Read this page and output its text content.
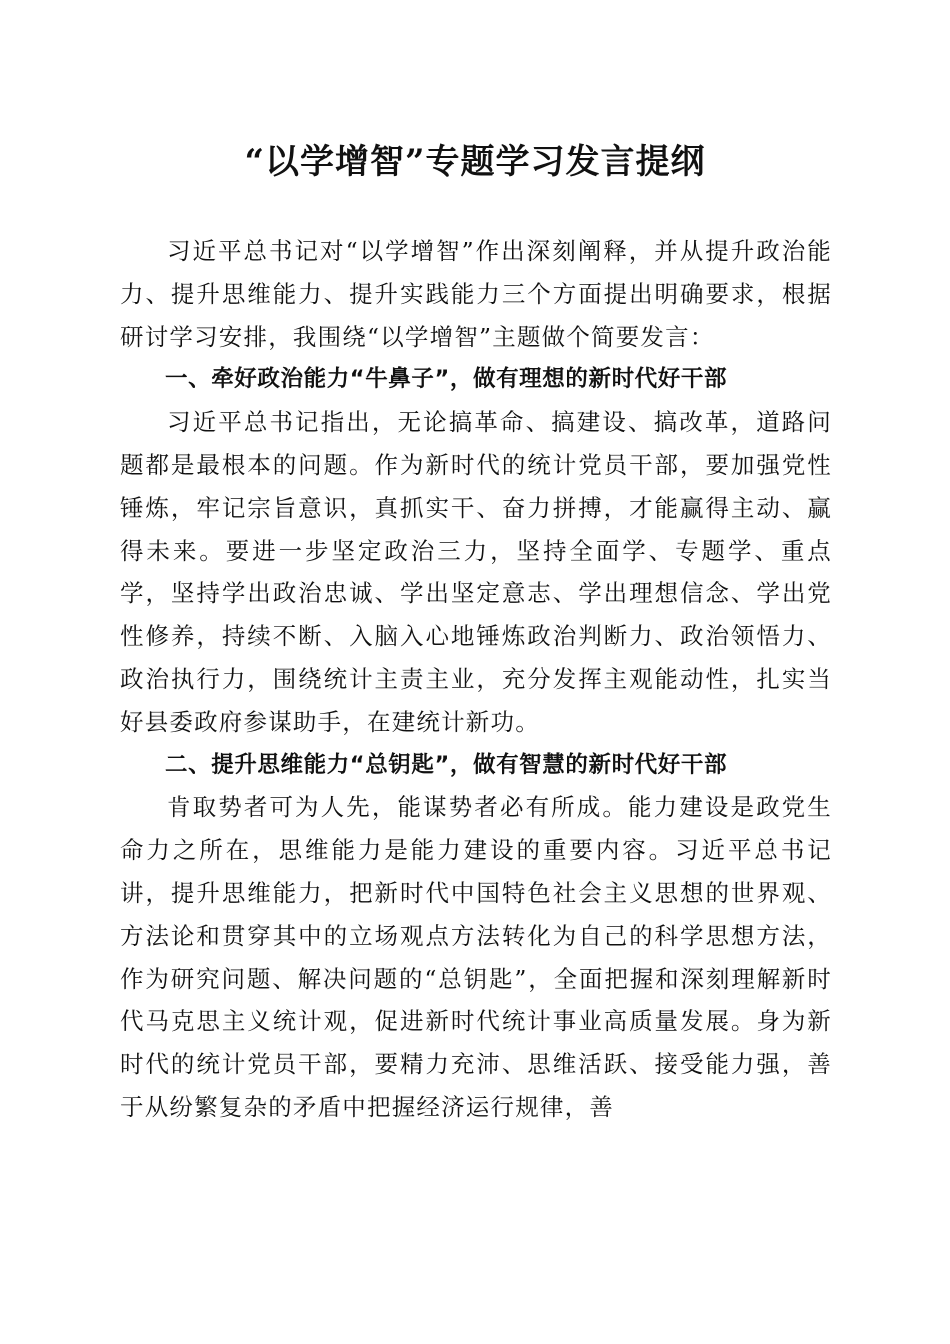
“以学增智”专题学习发言提纲

习近平总书记对“以学增智”作出深刻阐释，并从提升政治能力、提升思维能力、提升实践能力三个方面提出明确要求，根据研讨学习安排，我围绕“以学增智”主题做个简要发言：

一、牵好政治能力“牛鼻子”，做有理想的新时代好干部

习近平总书记指出，无论搞革命、搞建设、搞改革，道路问题都是最根本的问题。作为新时代的统计党员干部，要加强党性锤炼，牢记宗旨意识，真抓实干、奋力拼搏，才能赢得主动、赢得未来。要进一步坚定政治三力，坚持全面学、专题学、重点学，坚持学出政治忠诚、学出坚定意志、学出理想信念、学出党性修养，持续不断、入脑入心地锤炼政治判断力、政治领悟力、政治执行力，围绕统计主责主业，充分发挥主观能动性，扎实当好县委政府参谋助手，在建统计新功。

二、提升思维能力“总钥匙”，做有智慧的新时代好干部

肯取势者可为人先，能谋势者必有所成。能力建设是政党生命力之所在，思维能力是能力建设的重要内容。习近平总书记讲，提升思维能力，把新时代中国特色社会主义思想的世界观、方法论和贯穿其中的立场观点方法转化为自己的科学思想方法，作为研究问题、解决问题的“总钥匙”，全面把握和深刻理解新时代马克思主义统计观，促进新时代统计事业高质量发展。身为新时代的统计党员干部，要精力充沛、思维活跃、接受能力强，善于从纷繁复杂的矛盾中把握经济运行规律，善
